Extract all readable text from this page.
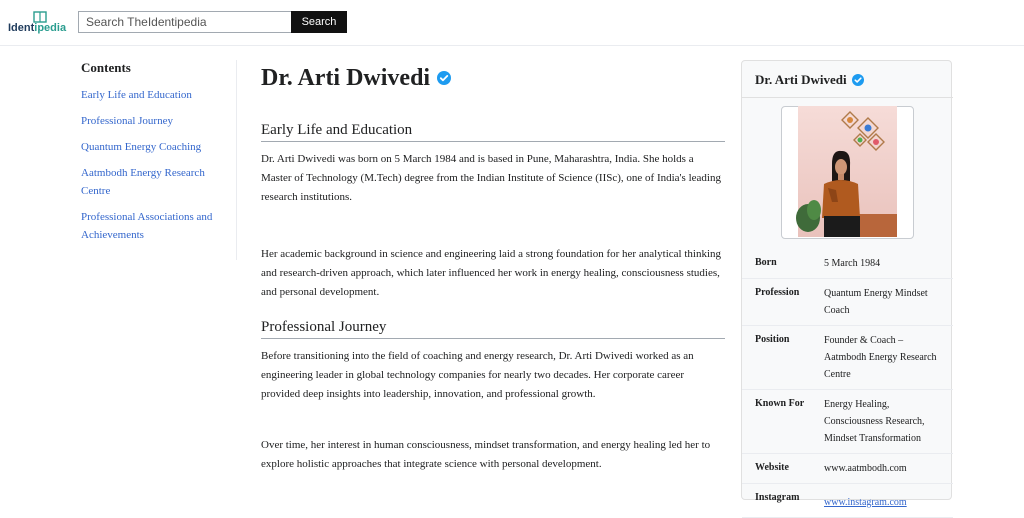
Identipedia
Search TheIdentipedia	Search
Contents
Early Life and Education
Professional Journey
Quantum Energy Coaching
Aatmbodh Energy Research Centre
Professional Associations and Achievements
Dr. Arti Dwivedi
Early Life and Education

Dr. Arti Dwivedi was born on 5 March 1984 and is based in Pune, Maharashtra, India. She holds a Master of Technology (M.Tech) degree from the Indian Institute of Science (IISc), one of India's leading research institutions.

Her academic background in science and engineering laid a strong foundation for her analytical thinking and research-driven approach, which later influenced her work in energy healing, consciousness studies, and personal development.

Professional Journey

Before transitioning into the field of coaching and energy research, Dr. Arti Dwivedi worked as an engineering leader in global technology companies for nearly two decades. Her corporate career provided deep insights into leadership, innovation, and professional growth.

Over time, her interest in human consciousness, mindset transformation, and energy healing led her to explore holistic approaches that integrate science with personal development.

Dr. Arti Dwivedi
Born	5 March 1984
Profession Quantum Energy Mindset Coach
Position	Founder & Coach – Aatmbodh Energy Research Centre
Known For Energy Healing, Consciousness Research, Mindset Transformation
Website	www.aatmbodh.com
Instagram www.instagram.com
